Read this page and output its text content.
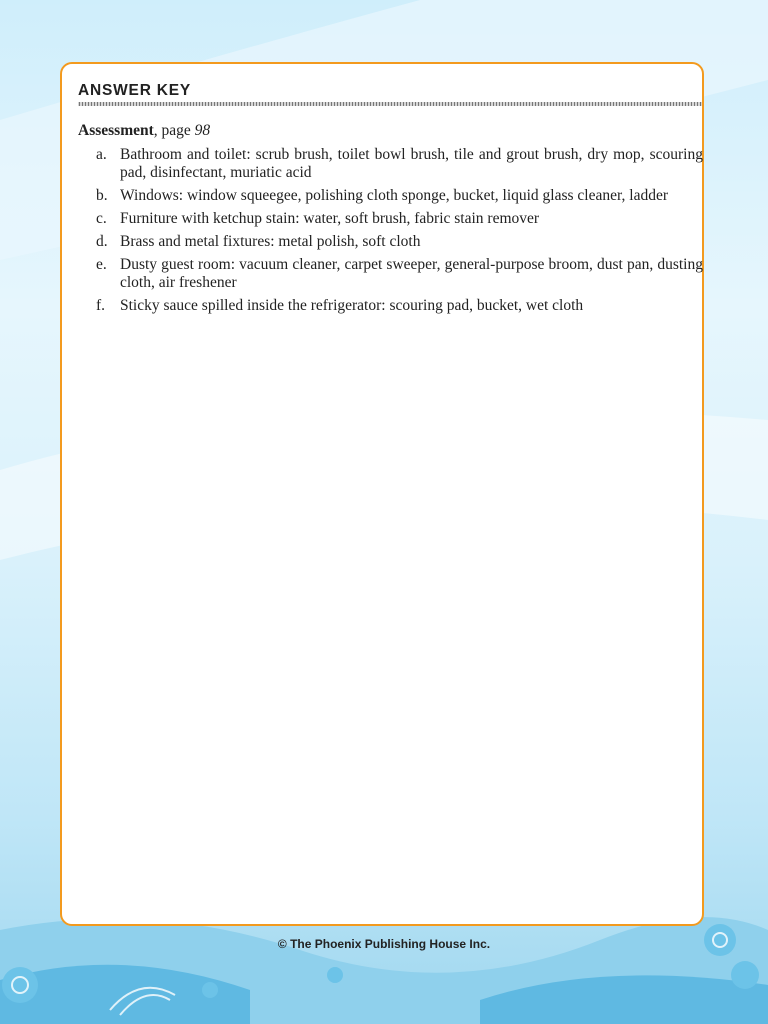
ANSWER KEY
Assessment, page 98
a. Bathroom and toilet: scrub brush, toilet bowl brush, tile and grout brush, dry mop, scouring pad, disinfectant, muriatic acid
b. Windows: window squeegee, polishing cloth sponge, bucket, liquid glass cleaner, ladder
c. Furniture with ketchup stain: water, soft brush, fabric stain remover
d. Brass and metal fixtures: metal polish, soft cloth
e. Dusty guest room: vacuum cleaner, carpet sweeper, general-purpose broom, dust pan, dusting cloth, air freshener
f. Sticky sauce spilled inside the refrigerator: scouring pad, bucket, wet cloth
© The Phoenix Publishing House Inc.
